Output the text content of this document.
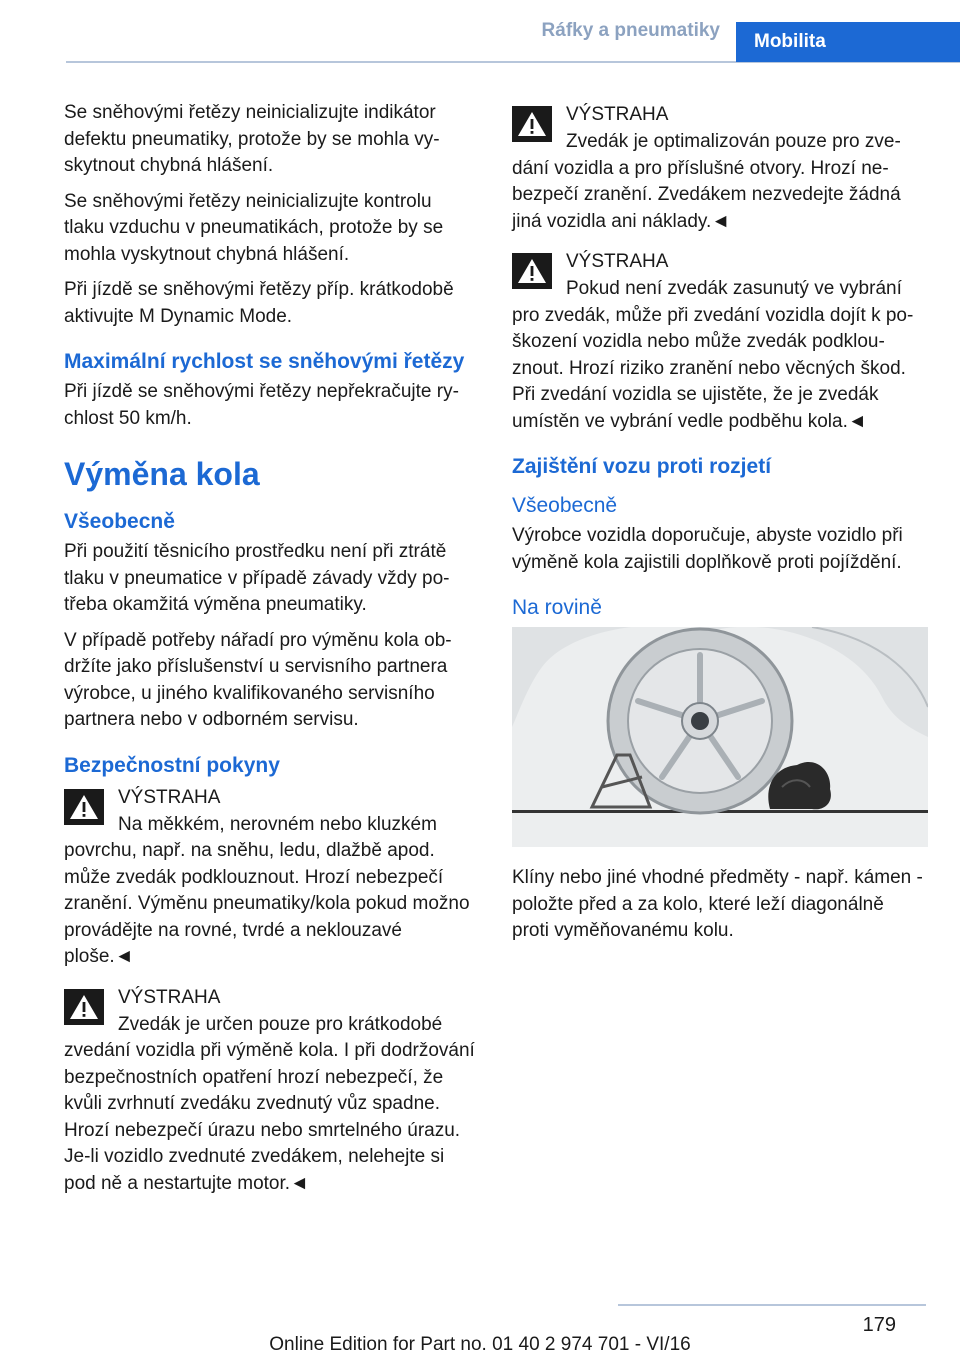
Ráfky a pneumatiky
Mobilita

Se sněhovými řetězy neinicializujte indikátor defektu pneumatiky, protože by se mohla vyskytnout chybná hlášení.

Se sněhovými řetězy neinicializujte kontrolu tlaku vzduchu v pneumatikách, protože by se mohla vyskytnout chybná hlášení.

Při jízdě se sněhovými řetězy příp. krátkodobě aktivujte M Dynamic Mode.

Maximální rychlost se sněhovými řetězy

Při jízdě se sněhovými řetězy nepřekračujte rychlost 50 km/h.

Výměna kola
Všeobecně

Při použití těsnicího prostředku není při ztrátě tlaku v pneumatice v případě závady vždy potřeba okamžitá výměna pneumatiky.

V případě potřeby nářadí pro výměnu kola obdržíte jako příslušenství u servisního partnera výrobce, u jiného kvalifikovaného servisního partnera nebo v odborném servisu.

Bezpečnostní pokyny

VÝSTRAHA

Na měkkém, nerovném nebo kluzkém povrchu, např. na sněhu, ledu, dlažbě apod. může zvedák podklouznout. Hrozí nebezpečí zranění. Výměnu pneumatiky/kola pokud možno provádějte na rovné, tvrdé a neklouzavé ploše.◄

VÝSTRAHA

Zvedák je určen pouze pro krátkodobé zvedání vozidla při výměně kola. I při dodržování bezpečnostních opatření hrozí nebezpečí, že kvůli zvrhnutí zvedáku zvednutý vůz spadne. Hrozí nebezpečí úrazu nebo smrtelného úrazu. Je-li vozidlo zvednuté zvedákem, nelehejte si pod ně a nestartujte motor.◄

VÝSTRAHA

Zvedák je optimalizován pouze pro zvedání vozidla a pro příslušné otvory. Hrozí nebezpečí zranění. Zvedákem nezvedejte žádná jiná vozidla ani náklady.◄

VÝSTRAHA

Pokud není zvedák zasunutý ve vybrání pro zvedák, může při zvedání vozidla dojít k poškození vozidla nebo může zvedák podklouznout. Hrozí riziko zranění nebo věcných škod. Při zvedání vozidla se ujistěte, že je zvedák umístěn ve vybrání vedle podběhu kola.◄

Zajištění vozu proti rozjetí
Všeobecně

Výrobce vozidla doporučuje, abyste vozidlo při výměně kola zajistili doplňkově proti pojíždění.

Na rovině

Klíny nebo jiné vhodné předměty - např. kámen - položte před a za kolo, které leží diagonálně proti vyměňovanému kolu.

179
Online Edition for Part no. 01 40 2 974 701 - VI/16
